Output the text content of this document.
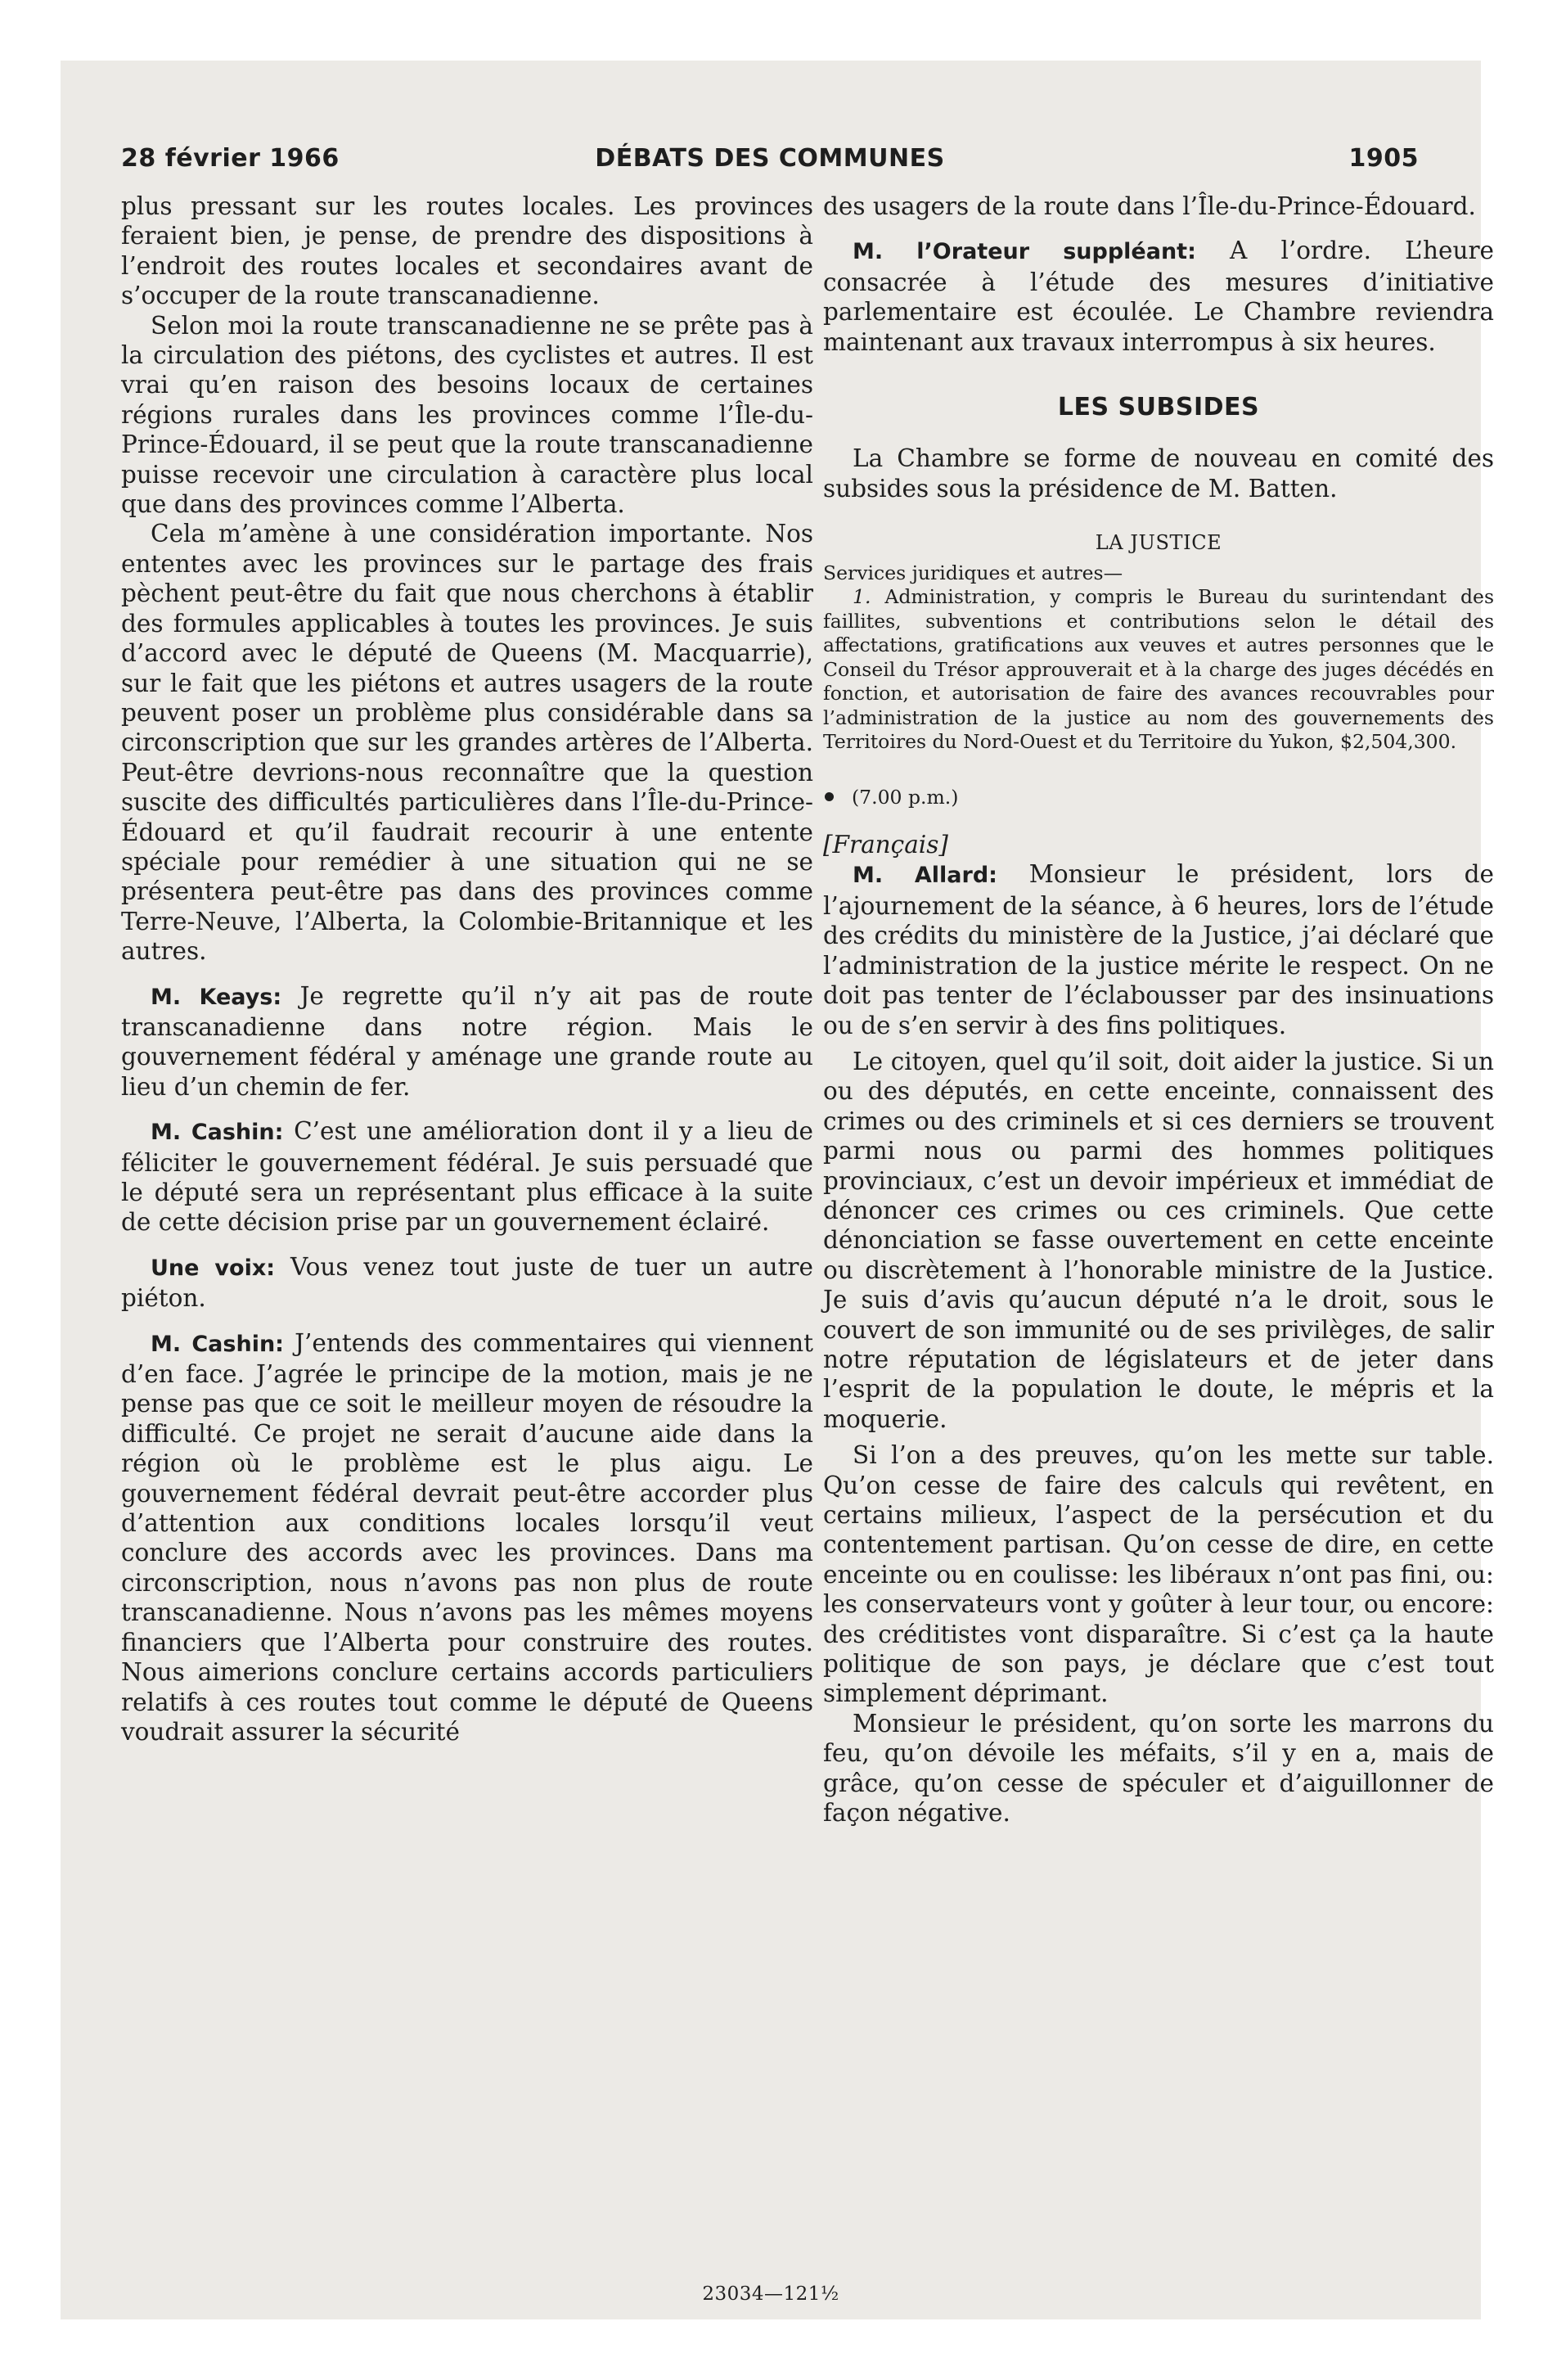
28 février 1966	DÉBATS DES COMMUNES	1905

plus pressant sur les routes locales. Les provinces feraient bien, je pense, de prendre des dispositions à l’endroit des routes locales et secondaires avant de s’occuper de la route transcanadienne.

Selon moi la route transcanadienne ne se prête pas à la circulation des piétons, des cyclistes et autres. Il est vrai qu’en raison des besoins locaux de certaines régions rurales dans les provinces comme l’Île-du-Prince-Édouard, il se peut que la route transcanadienne puisse recevoir une circulation à caractère plus local que dans des provinces comme l’Alberta.

Cela m’amène à une considération importante. Nos ententes avec les provinces sur le partage des frais pèchent peut-être du fait que nous cherchons à établir des formules applicables à toutes les provinces. Je suis d’accord avec le député de Queens (M. Macquarrie), sur le fait que les piétons et autres usagers de la route peuvent poser un problème plus considérable dans sa circonscription que sur les grandes artères de l’Alberta. Peut-être devrions-nous reconnaître que la question suscite des difficultés particulières dans l’Île-du-Prince-Édouard et qu’il faudrait recourir à une entente spéciale pour remédier à une situation qui ne se présentera peut-être pas dans des provinces comme Terre-Neuve, l’Alberta, la Colombie-Britannique et les autres.

M. Keays: Je regrette qu’il n’y ait pas de route transcanadienne dans notre région. Mais le gouvernement fédéral y aménage une grande route au lieu d’un chemin de fer.

M. Cashin: C’est une amélioration dont il y a lieu de féliciter le gouvernement fédéral. Je suis persuadé que le député sera un représentant plus efficace à la suite de cette décision prise par un gouvernement éclairé.

Une voix: Vous venez tout juste de tuer un autre piéton.

M. Cashin: J’entends des commentaires qui viennent d’en face. J’agrée le principe de la motion, mais je ne pense pas que ce soit le meilleur moyen de résoudre la difficulté. Ce projet ne serait d’aucune aide dans la région où le problème est le plus aigu. Le gouvernement fédéral devrait peut-être accorder plus d’attention aux conditions locales lorsqu’il veut conclure des accords avec les provinces. Dans ma circonscription, nous n’avons pas non plus de route transcanadienne. Nous n’avons pas les mêmes moyens financiers que l’Alberta pour construire des routes. Nous aimerions conclure certains accords particuliers relatifs à ces routes tout comme le député de Queens voudrait assurer la sécurité

des usagers de la route dans l’Île-du-Prince-Édouard.

M. l’Orateur suppléant: A l’ordre. L’heure consacrée à l’étude des mesures d’initiative parlementaire est écoulée. Le Chambre reviendra maintenant aux travaux interrompus à six heures.

LES SUBSIDES

La Chambre se forme de nouveau en comité des subsides sous la présidence de M. Batten.

LA JUSTICE

Services juridiques et autres—

1. Administration, y compris le Bureau du surintendant des faillites, subventions et contributions selon le détail des affectations, gratifications aux veuves et autres personnes que le Conseil du Trésor approuverait et à la charge des juges décédés en fonction, et autorisation de faire des avances recouvrables pour l’administration de la justice au nom des gouvernements des Territoires du Nord-Ouest et du Territoire du Yukon, $2,504,300.

(7.00 p.m.)

[Français]

M. Allard: Monsieur le président, lors de l’ajournement de la séance, à 6 heures, lors de l’étude des crédits du ministère de la Justice, j’ai déclaré que l’administration de la justice mérite le respect. On ne doit pas tenter de l’éclabousser par des insinuations ou de s’en servir à des fins politiques.

Le citoyen, quel qu’il soit, doit aider la justice. Si un ou des députés, en cette enceinte, connaissent des crimes ou des criminels et si ces derniers se trouvent parmi nous ou parmi des hommes politiques provinciaux, c’est un devoir impérieux et immédiat de dénoncer ces crimes ou ces criminels. Que cette dénonciation se fasse ouvertement en cette enceinte ou discrètement à l’honorable ministre de la Justice. Je suis d’avis qu’aucun député n’a le droit, sous le couvert de son immunité ou de ses privilèges, de salir notre réputation de législateurs et de jeter dans l’esprit de la population le doute, le mépris et la moquerie.

Si l’on a des preuves, qu’on les mette sur table. Qu’on cesse de faire des calculs qui revêtent, en certains milieux, l’aspect de la persécution et du contentement partisan. Qu’on cesse de dire, en cette enceinte ou en coulisse: les libéraux n’ont pas fini, ou: les conservateurs vont y goûter à leur tour, ou encore: des créditistes vont disparaître. Si c’est ça la haute politique de son pays, je déclare que c’est tout simplement déprimant.

Monsieur le président, qu’on sorte les marrons du feu, qu’on dévoile les méfaits, s’il y en a, mais de grâce, qu’on cesse de spéculer et d’aiguillonner de façon négative.

23034—121½
